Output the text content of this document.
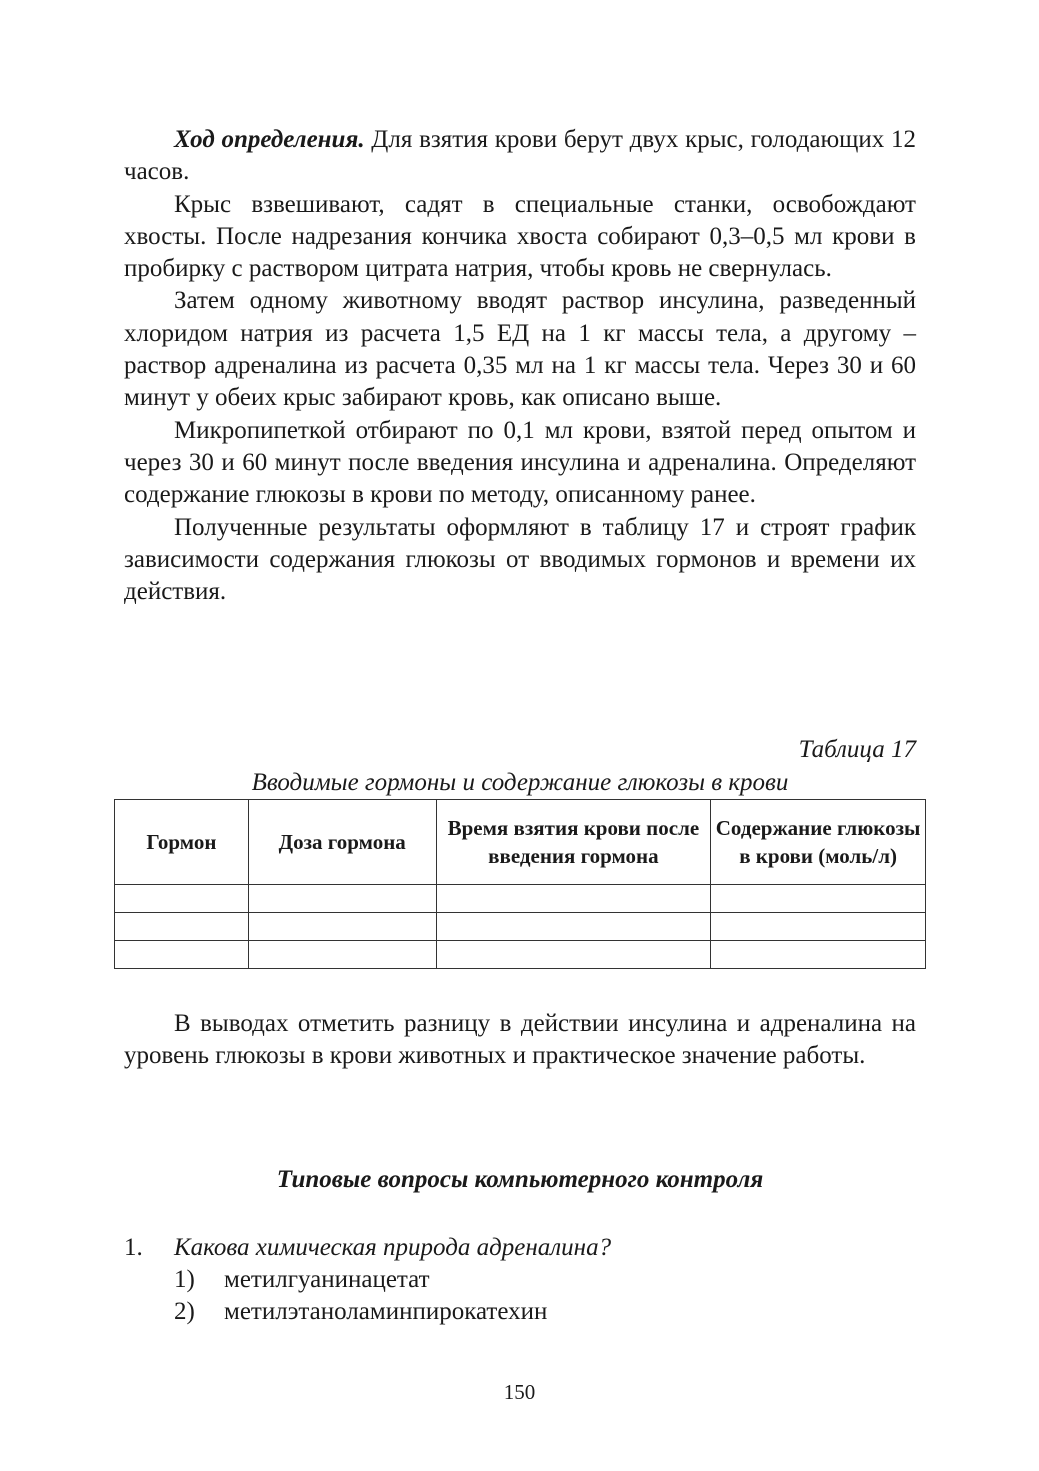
Ход определения. Для взятия крови берут двух крыс, голодающих 12 часов.

Крыс взвешивают, садят в специальные станки, освобождают хвосты. После надрезания кончика хвоста собирают 0,3–0,5 мл крови в пробирку с раствором цитрата натрия, чтобы кровь не свернулась.

Затем одному животному вводят раствор инсулина, разведенный хлоридом натрия из расчета 1,5 ЕД на 1 кг массы тела, а другому – раствор адреналина из расчета 0,35 мл на 1 кг массы тела. Через 30 и 60 минут у обеих крыс забирают кровь, как описано выше.

Микропипеткой отбирают по 0,1 мл крови, взятой перед опытом и через 30 и 60 минут после введения инсулина и адреналина. Определяют содержание глюкозы в крови по методу, описанному ранее.

Полученные результаты оформляют в таблицу 17 и строят график зависимости содержания глюкозы от вводимых гормонов и времени их действия.

Таблица 17
Вводимые гормоны и содержание глюкозы в крови
Гормон	Доза гормона	Время взятия крови после введения гормона	Содержание глюкозы в крови (моль/л)

В выводах отметить разницу в действии инсулина и адреналина на уровень глюкозы в крови животных и практическое значение работы.

Типовые вопросы компьютерного контроля
1. Какова химическая природа адреналина?
1) метилгуанинацетат
2) метилэтаноламинпирокатехин
150
